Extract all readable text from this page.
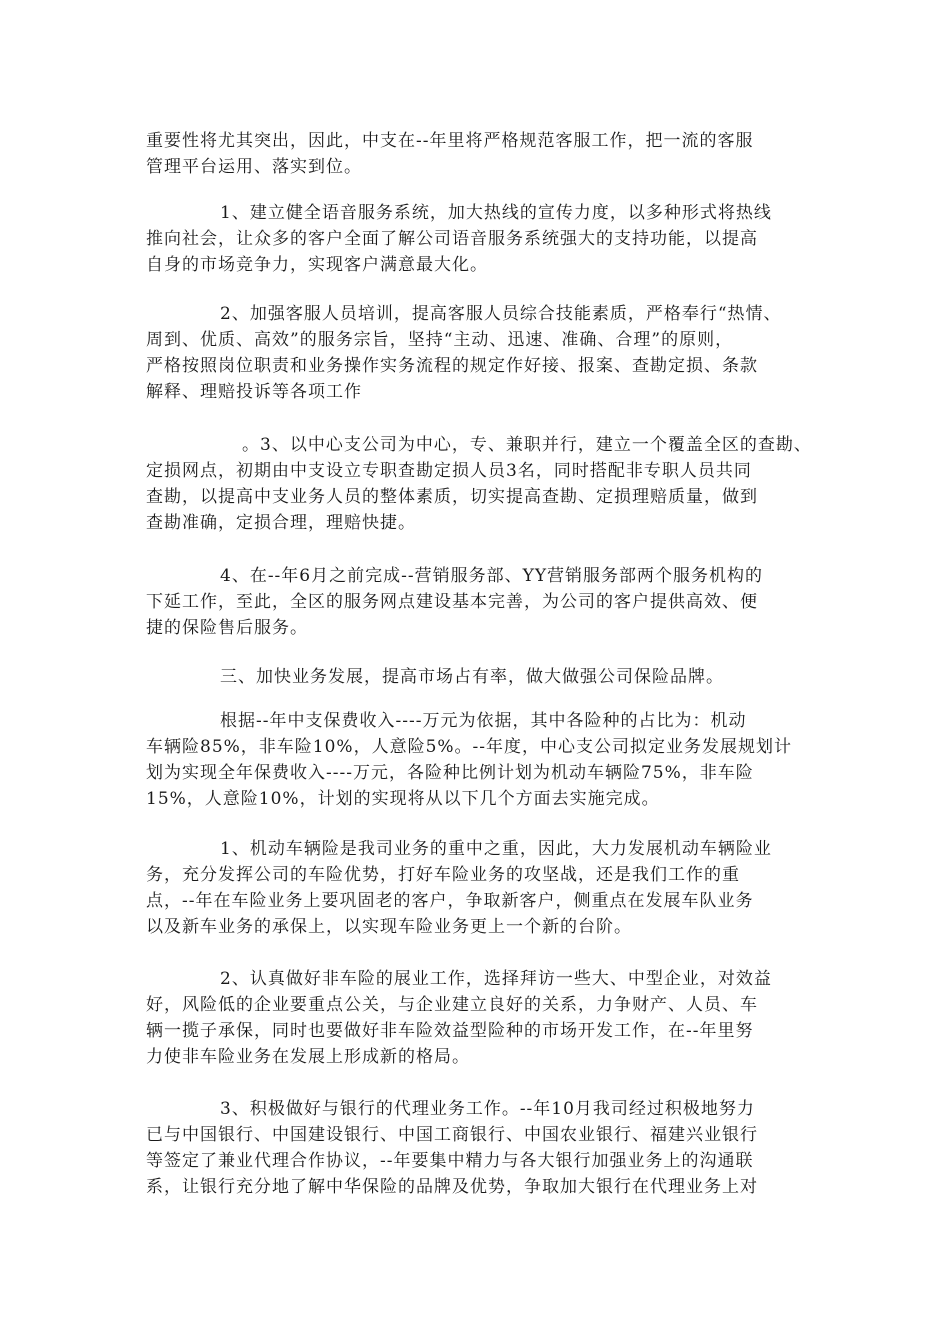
重要性将尤其突出，因此，中支在--年里将严格规范客服工作，把一流的客服
管理平台运用、落实到位。

1、建立健全语音服务系统，加大热线的宣传力度，以多种形式将热线
推向社会，让众多的客户全面了解公司语音服务系统强大的支持功能，以提高
自身的市场竞争力，实现客户满意最大化。

2、加强客服人员培训，提高客服人员综合技能素质，严格奉行“热情、
周到、优质、高效”的服务宗旨，坚持“主动、迅速、准确、合理”的原则，
严格按照岗位职责和业务操作实务流程的规定作好接、报案、查勘定损、条款
解释、理赔投诉等各项工作

。3、以中心支公司为中心，专、兼职并行，建立一个覆盖全区的查勘、
定损网点，初期由中支设立专职查勘定损人员3名，同时搭配非专职人员共同
查勘，以提高中支业务人员的整体素质，切实提高查勘、定损理赔质量，做到
查勘准确，定损合理，理赔快捷。

4、在--年6月之前完成--营销服务部、YY营销服务部两个服务机构的
下延工作，至此，全区的服务网点建设基本完善，为公司的客户提供高效、便
捷的保险售后服务。

三、加快业务发展，提高市场占有率，做大做强公司保险品牌。

根据--年中支保费收入----万元为依据，其中各险种的占比为：机动
车辆险85%，非车险10%，人意险5%。--年度，中心支公司拟定业务发展规划计
划为实现全年保费收入----万元，各险种比例计划为机动车辆险75%，非车险
15%，人意险10%，计划的实现将从以下几个方面去实施完成。

1、机动车辆险是我司业务的重中之重，因此，大力发展机动车辆险业
务，充分发挥公司的车险优势，打好车险业务的攻坚战，还是我们工作的重
点，--年在车险业务上要巩固老的客户，争取新客户，侧重点在发展车队业务
以及新车业务的承保上，以实现车险业务更上一个新的台阶。

2、认真做好非车险的展业工作，选择拜访一些大、中型企业，对效益
好，风险低的企业要重点公关，与企业建立良好的关系，力争财产、人员、车
辆一揽子承保，同时也要做好非车险效益型险种的市场开发工作，在--年里努
力使非车险业务在发展上形成新的格局。

3、积极做好与银行的代理业务工作。--年10月我司经过积极地努力
已与中国银行、中国建设银行、中国工商银行、中国农业银行、福建兴业银行
等签定了兼业代理合作协议，--年要集中精力与各大银行加强业务上的沟通联
系，让银行充分地了解中华保险的品牌及优势，争取加大银行在代理业务上对
